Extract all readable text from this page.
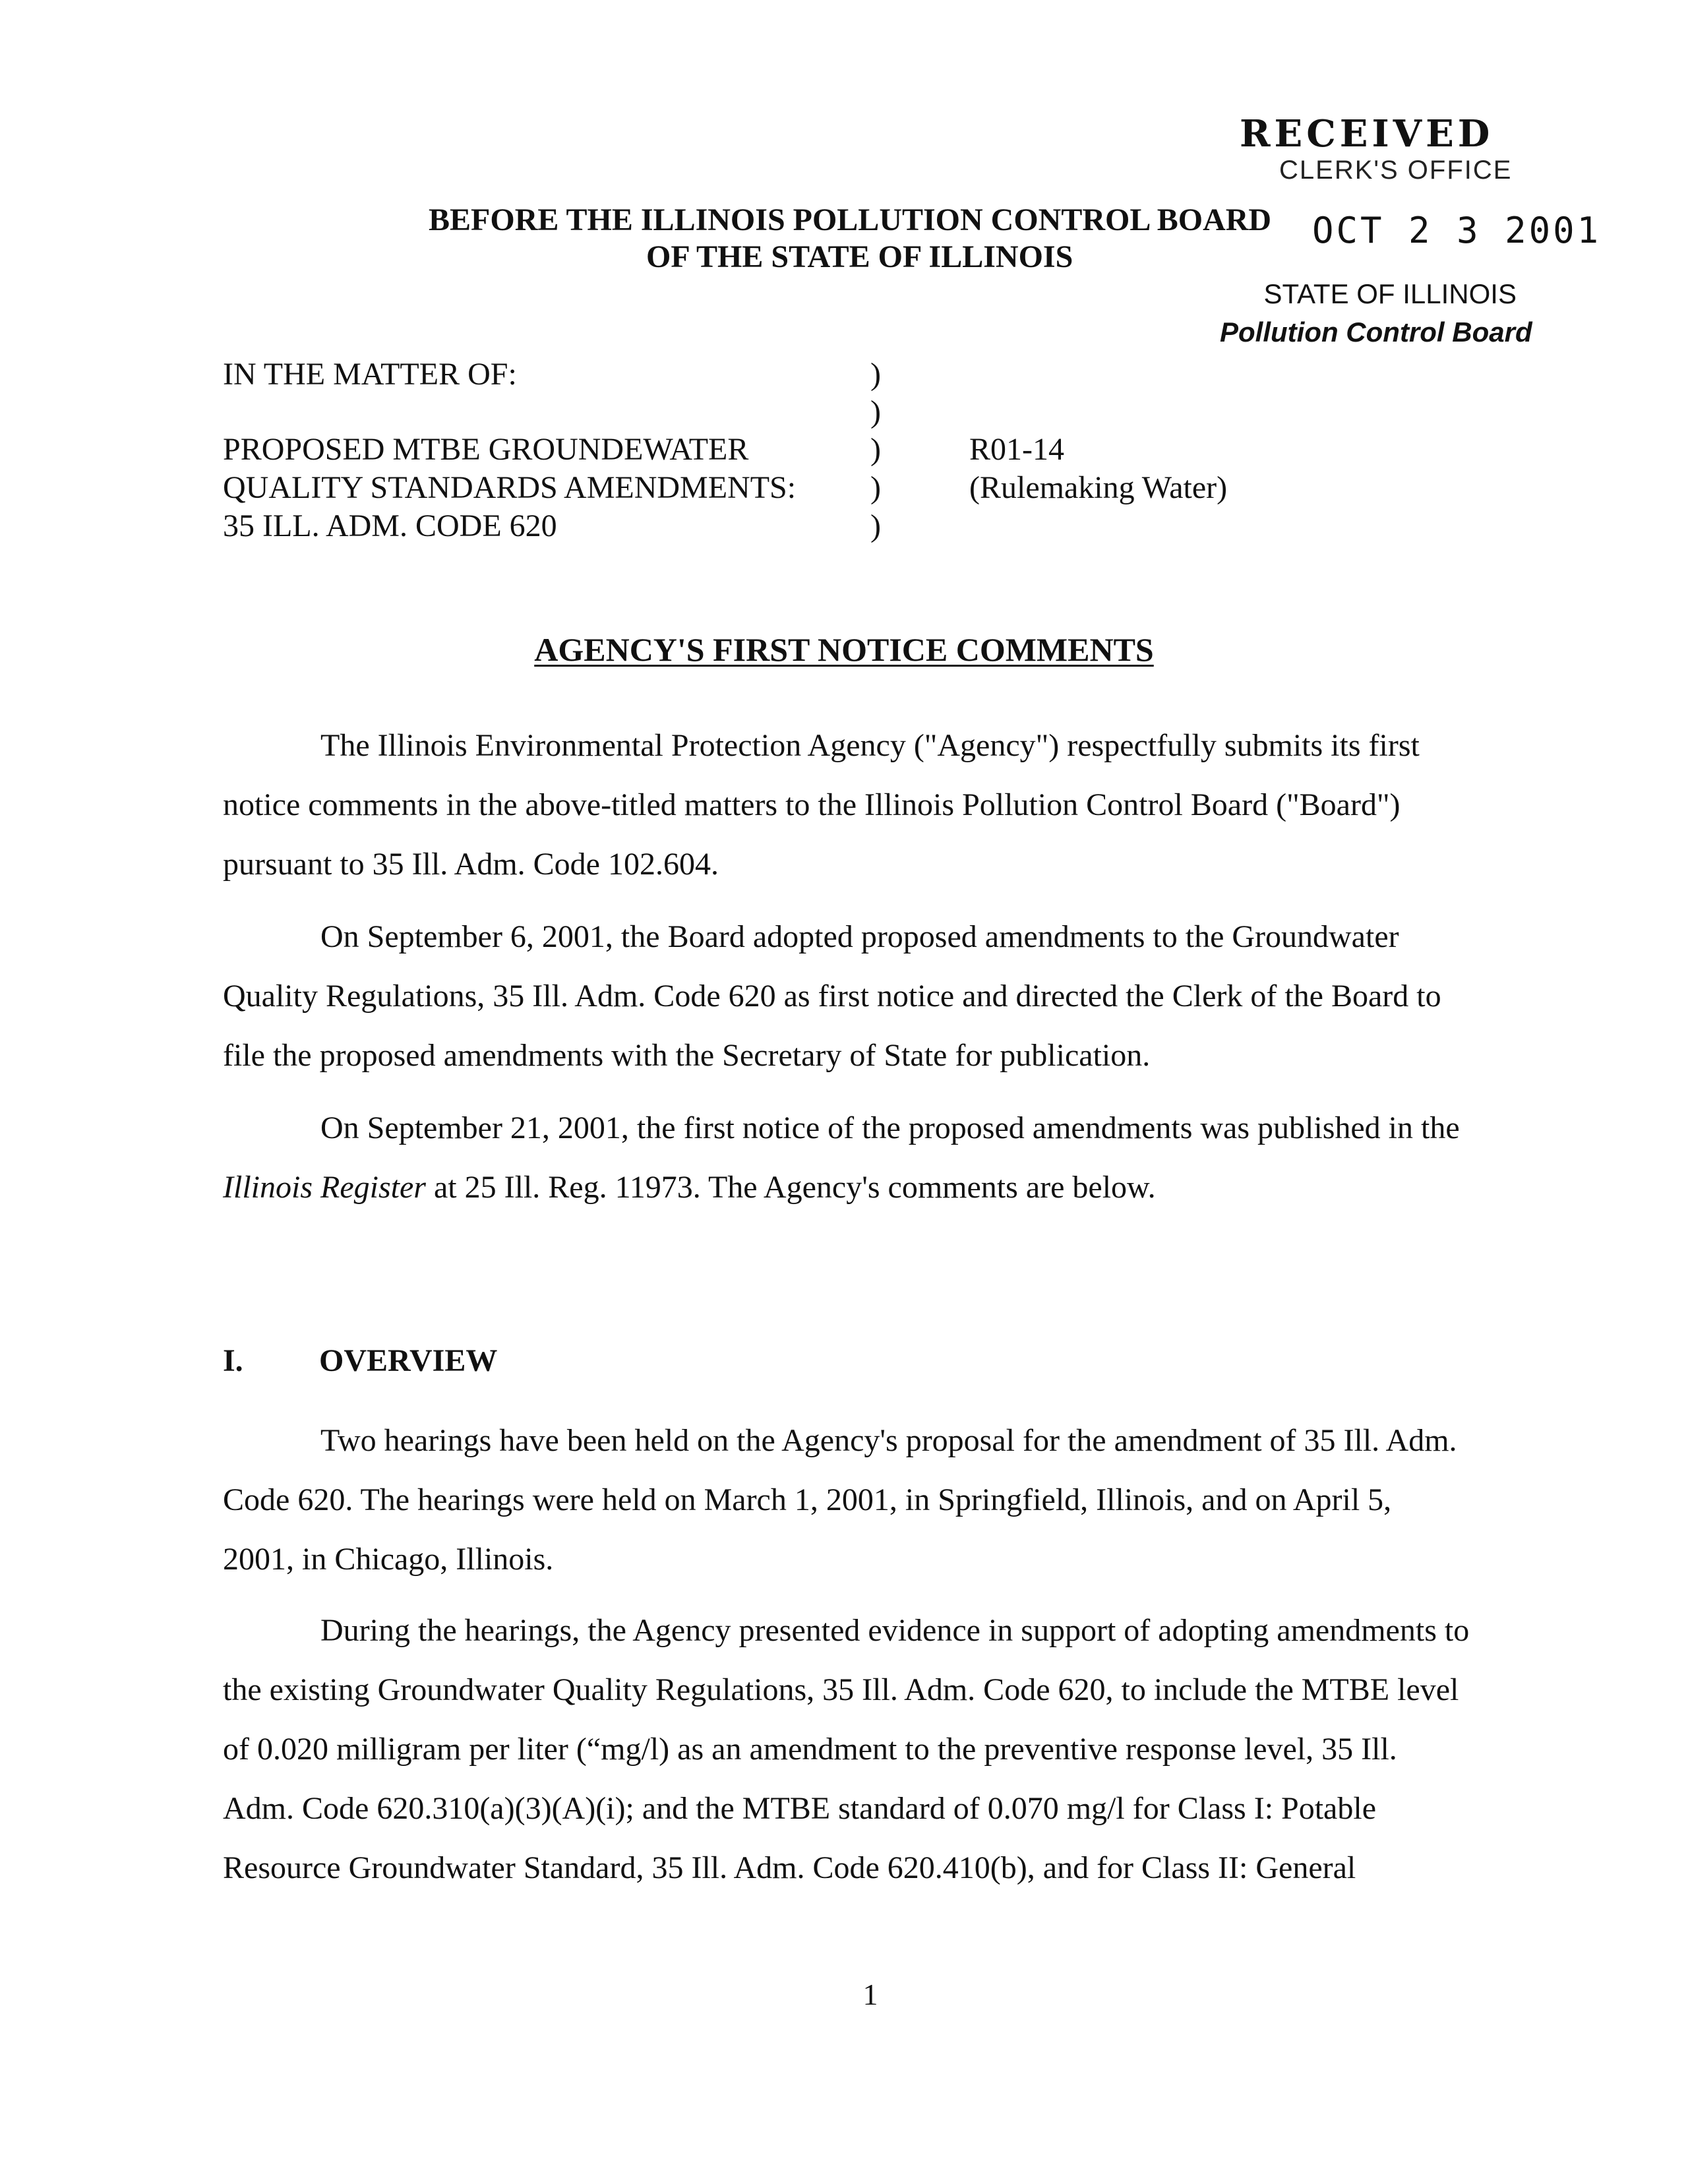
RECEIVED
CLERK'S OFFICE
OCT 2 3 2001
STATE OF ILLINOIS
Pollution Control Board
BEFORE THE ILLINOIS POLLUTION CONTROL BOARD
OF THE STATE OF ILLINOIS
IN THE MATTER OF:
PROPOSED MTBE GROUNDEWATER
QUALITY STANDARDS AMENDMENTS:
35 ILL. ADM. CODE 620
)
)
)
)
)
R01-14
(Rulemaking Water)
AGENCY'S FIRST NOTICE COMMENTS
The Illinois Environmental Protection Agency ("Agency") respectfully submits its first
notice comments in the above-titled matters to the Illinois Pollution Control Board ("Board")
pursuant to 35 Ill. Adm. Code 102.604.
On September 6, 2001, the Board adopted proposed amendments to the Groundwater
Quality Regulations, 35 Ill. Adm. Code 620 as first notice and directed the Clerk of the Board to
file the proposed amendments with the Secretary of State for publication.
On September 21, 2001, the first notice of the proposed amendments was published in the
Illinois Register at 25 Ill. Reg. 11973. The Agency's comments are below.
I. OVERVIEW
Two hearings have been held on the Agency's proposal for the amendment of 35 Ill. Adm.
Code 620. The hearings were held on March 1, 2001, in Springfield, Illinois, and on April 5,
2001, in Chicago, Illinois.
During the hearings, the Agency presented evidence in support of adopting amendments to
the existing Groundwater Quality Regulations, 35 Ill. Adm. Code 620, to include the MTBE level
of 0.020 milligram per liter (“mg/l) as an amendment to the preventive response level, 35 Ill.
Adm. Code 620.310(a)(3)(A)(i); and the MTBE standard of 0.070 mg/l for Class I: Potable
Resource Groundwater Standard, 35 Ill. Adm. Code 620.410(b), and for Class II: General
1
